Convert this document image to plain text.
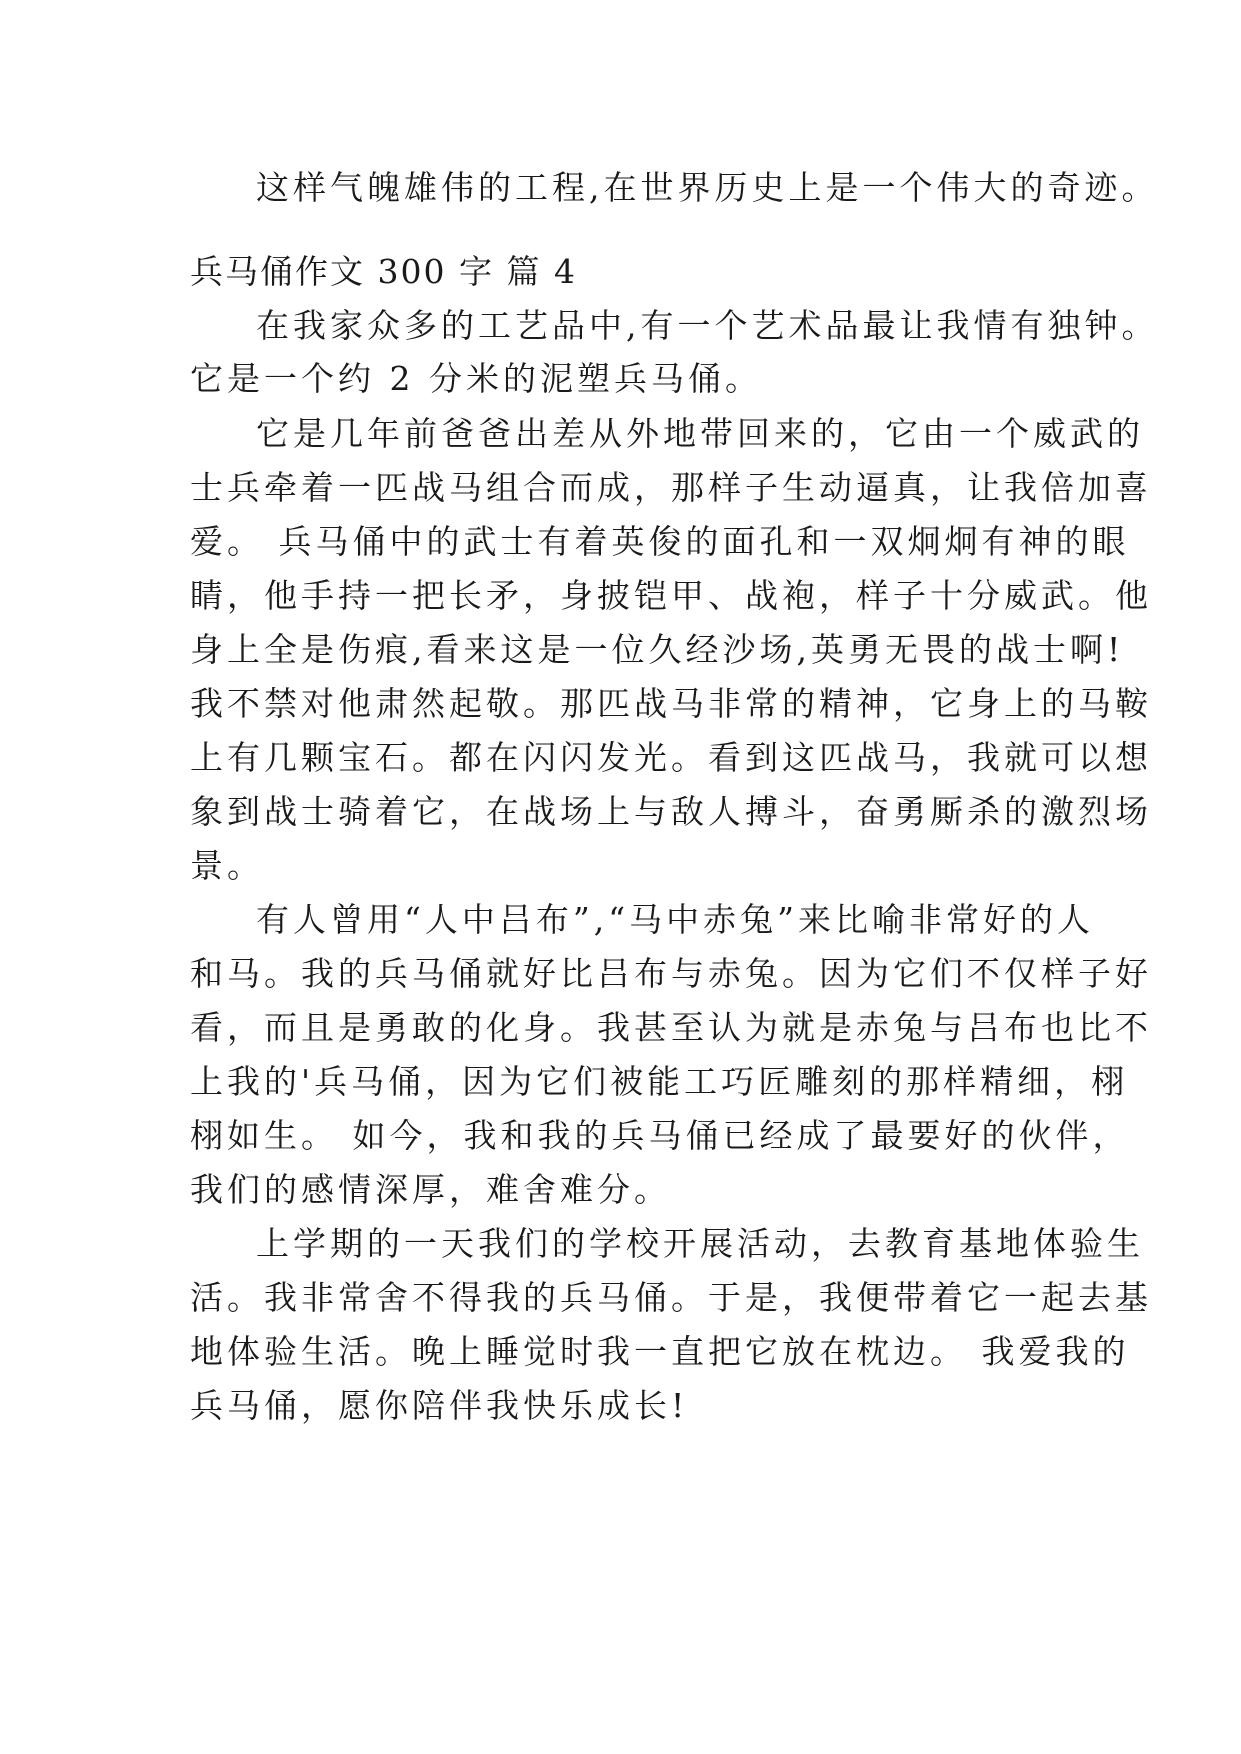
这样气魄雄伟的工程,在世界历史上是一个伟大的奇迹。
兵马俑作文 300 字 篇 4
在我家众多的工艺品中,有一个艺术品最让我情有独钟。
它是一个约 2 分米的泥塑兵马俑。
它是几年前爸爸出差从外地带回来的，它由一个威武的
士兵牵着一匹战马组合而成，那样子生动逼真，让我倍加喜
爱。 兵马俑中的武士有着英俊的面孔和一双炯炯有神的眼
睛，他手持一把长矛，身披铠甲、战袍，样子十分威武。他
身上全是伤痕,看来这是一位久经沙场,英勇无畏的战士啊!
我不禁对他肃然起敬。那匹战马非常的精神，它身上的马鞍
上有几颗宝石。都在闪闪发光。看到这匹战马，我就可以想
象到战士骑着它，在战场上与敌人搏斗，奋勇厮杀的激烈场
景。
有人曾用“人中吕布”,“马中赤兔”来比喻非常好的人
和马。我的兵马俑就好比吕布与赤兔。因为它们不仅样子好
看，而且是勇敢的化身。我甚至认为就是赤兔与吕布也比不
上我的'兵马俑，因为它们被能工巧匠雕刻的那样精细，栩
栩如生。 如今，我和我的兵马俑已经成了最要好的伙伴，
我们的感情深厚，难舍难分。
上学期的一天我们的学校开展活动，去教育基地体验生
活。我非常舍不得我的兵马俑。于是，我便带着它一起去基
地体验生活。晚上睡觉时我一直把它放在枕边。 我爱我的
兵马俑，愿你陪伴我快乐成长!
